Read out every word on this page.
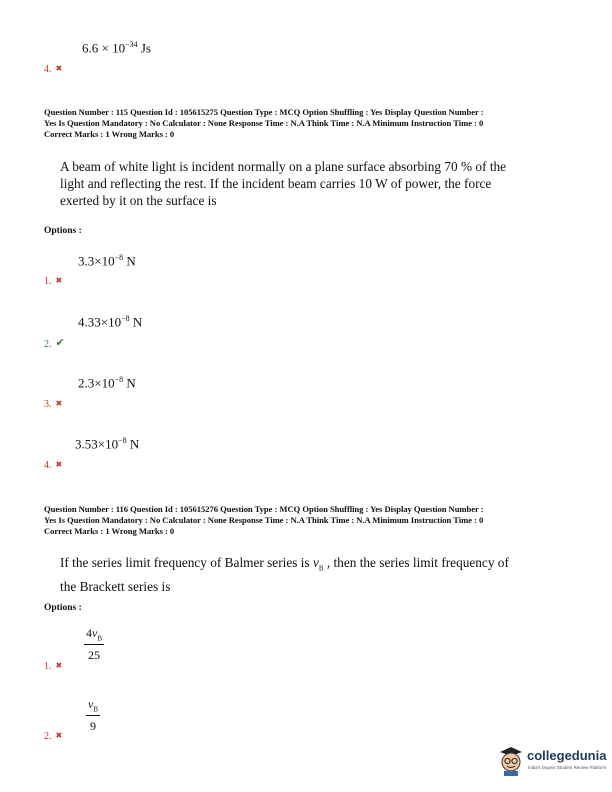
$6.6 \times 10^{-34}$ Js
4. ✖
Question Number : 115 Question Id : 105615275 Question Type : MCQ Option Shuffling : Yes Display Question Number :
Yes Is Question Mandatory : No Calculator : None Response Time : N.A Think Time : N.A Minimum Instruction Time : 0
Correct Marks : 1 Wrong Marks : 0
A beam of white light is incident normally on a plane surface absorbing 70 % of the
light and reflecting the rest. If the incident beam carries 10 W of power, the force
exerted by it on the surface is
Options :
$3.3\times 10^{-8}$ N
1. ✖
$4.33\times 10^{-8}$ N
2. ✔
$2.3\times 10^{-8}$ N
3. ✖
$3.53\times 10^{-8}$ N
4. ✖
Question Number : 116 Question Id : 105615276 Question Type : MCQ Option Shuffling : Yes Display Question Number :
Yes Is Question Mandatory : No Calculator : None Response Time : N.A Think Time : N.A Minimum Instruction Time : 0
Correct Marks : 1 Wrong Marks : 0
If the series limit frequency of Balmer series is $v_B$ , then the series limit frequency of
the Brackett series is
Options :
$\frac{4v_B}{25}$
1. ✖
$\frac{v_B}{9}$
2. ✖
collegedunia
India's largest Student Review Platform
